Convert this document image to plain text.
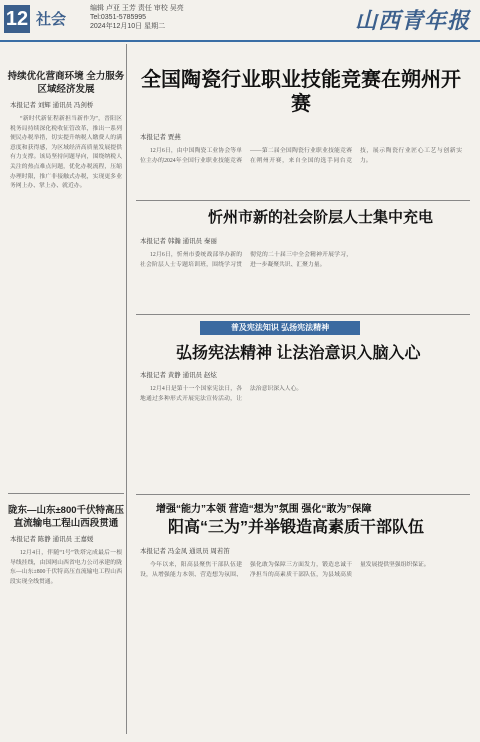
12 社会
编辑 卢亚 王芳 责任 审校 吴亮
Tel:0351-5785995
2024年12月10日 星期二	山西青年报
持续优化营商环境 全力服务区域经济发展
本报记者 刘辉 通讯员 冯剑桥
“新时代新征程新担当新作为”，晋阳区税务局持续深化税收征管改革，推出一系列便民办税举措，切实提升纳税人缴费人的满意度和获得感，为区域经济高质量发展提供有力支撑。该局坚持问题导向，围绕纳税人关注的热点难点问题，优化办税流程，压缩办理时限，推广非接触式办税，实现更多业务网上办、掌上办、就近办。
陇东—山东±800千伏特高压直流输电工程山西段贯通
本报记者 陈静 通讯员 王嘉媛
12月4日，伴随“1号”铁塔完成最后一根导线挂线，由国网山西省电力公司承建的陇东—山东±800千伏特高压直流输电工程山西段实现全线贯通。
全国陶瓷行业职业技能竞赛在朔州开赛
本报记者 贾燕
12月6日，由中国陶瓷工业协会等单位主办的2024年全国行业职业技能竞赛——第二届全国陶瓷行业职业技能竞赛在朔州开赛，来自全国的选手同台竞技，展示陶瓷行业匠心工艺与创新实力。
忻州市新的社会阶层人士集中充电
本报记者 韩瀚 通讯员 秦丽
12月6日，忻州市委统战部举办新的社会阶层人士专题培训班，围绕学习贯彻党的二十届三中全会精神开展学习，进一步凝聚共识、汇聚力量。
普及宪法知识 弘扬宪法精神
弘扬宪法精神 让法治意识入脑入心
本报记者 黄静 通讯员 赵炫
12月4日是第十一个国家宪法日，各地通过多种形式开展宪法宣传活动，让法治意识深入人心。
增强“能力”本领 营造“想为”氛围 强化“敢为”保障
阳高“三为”并举锻造高素质干部队伍
本报记者 冯金凤 通讯员 周若笛
今年以来，阳高县聚焦干部队伍建设，从增强能力本领、营造想为氛围、强化敢为保障三方面发力，锻造忠诚干净担当的高素质干部队伍，为县域高质量发展提供坚强组织保证。
